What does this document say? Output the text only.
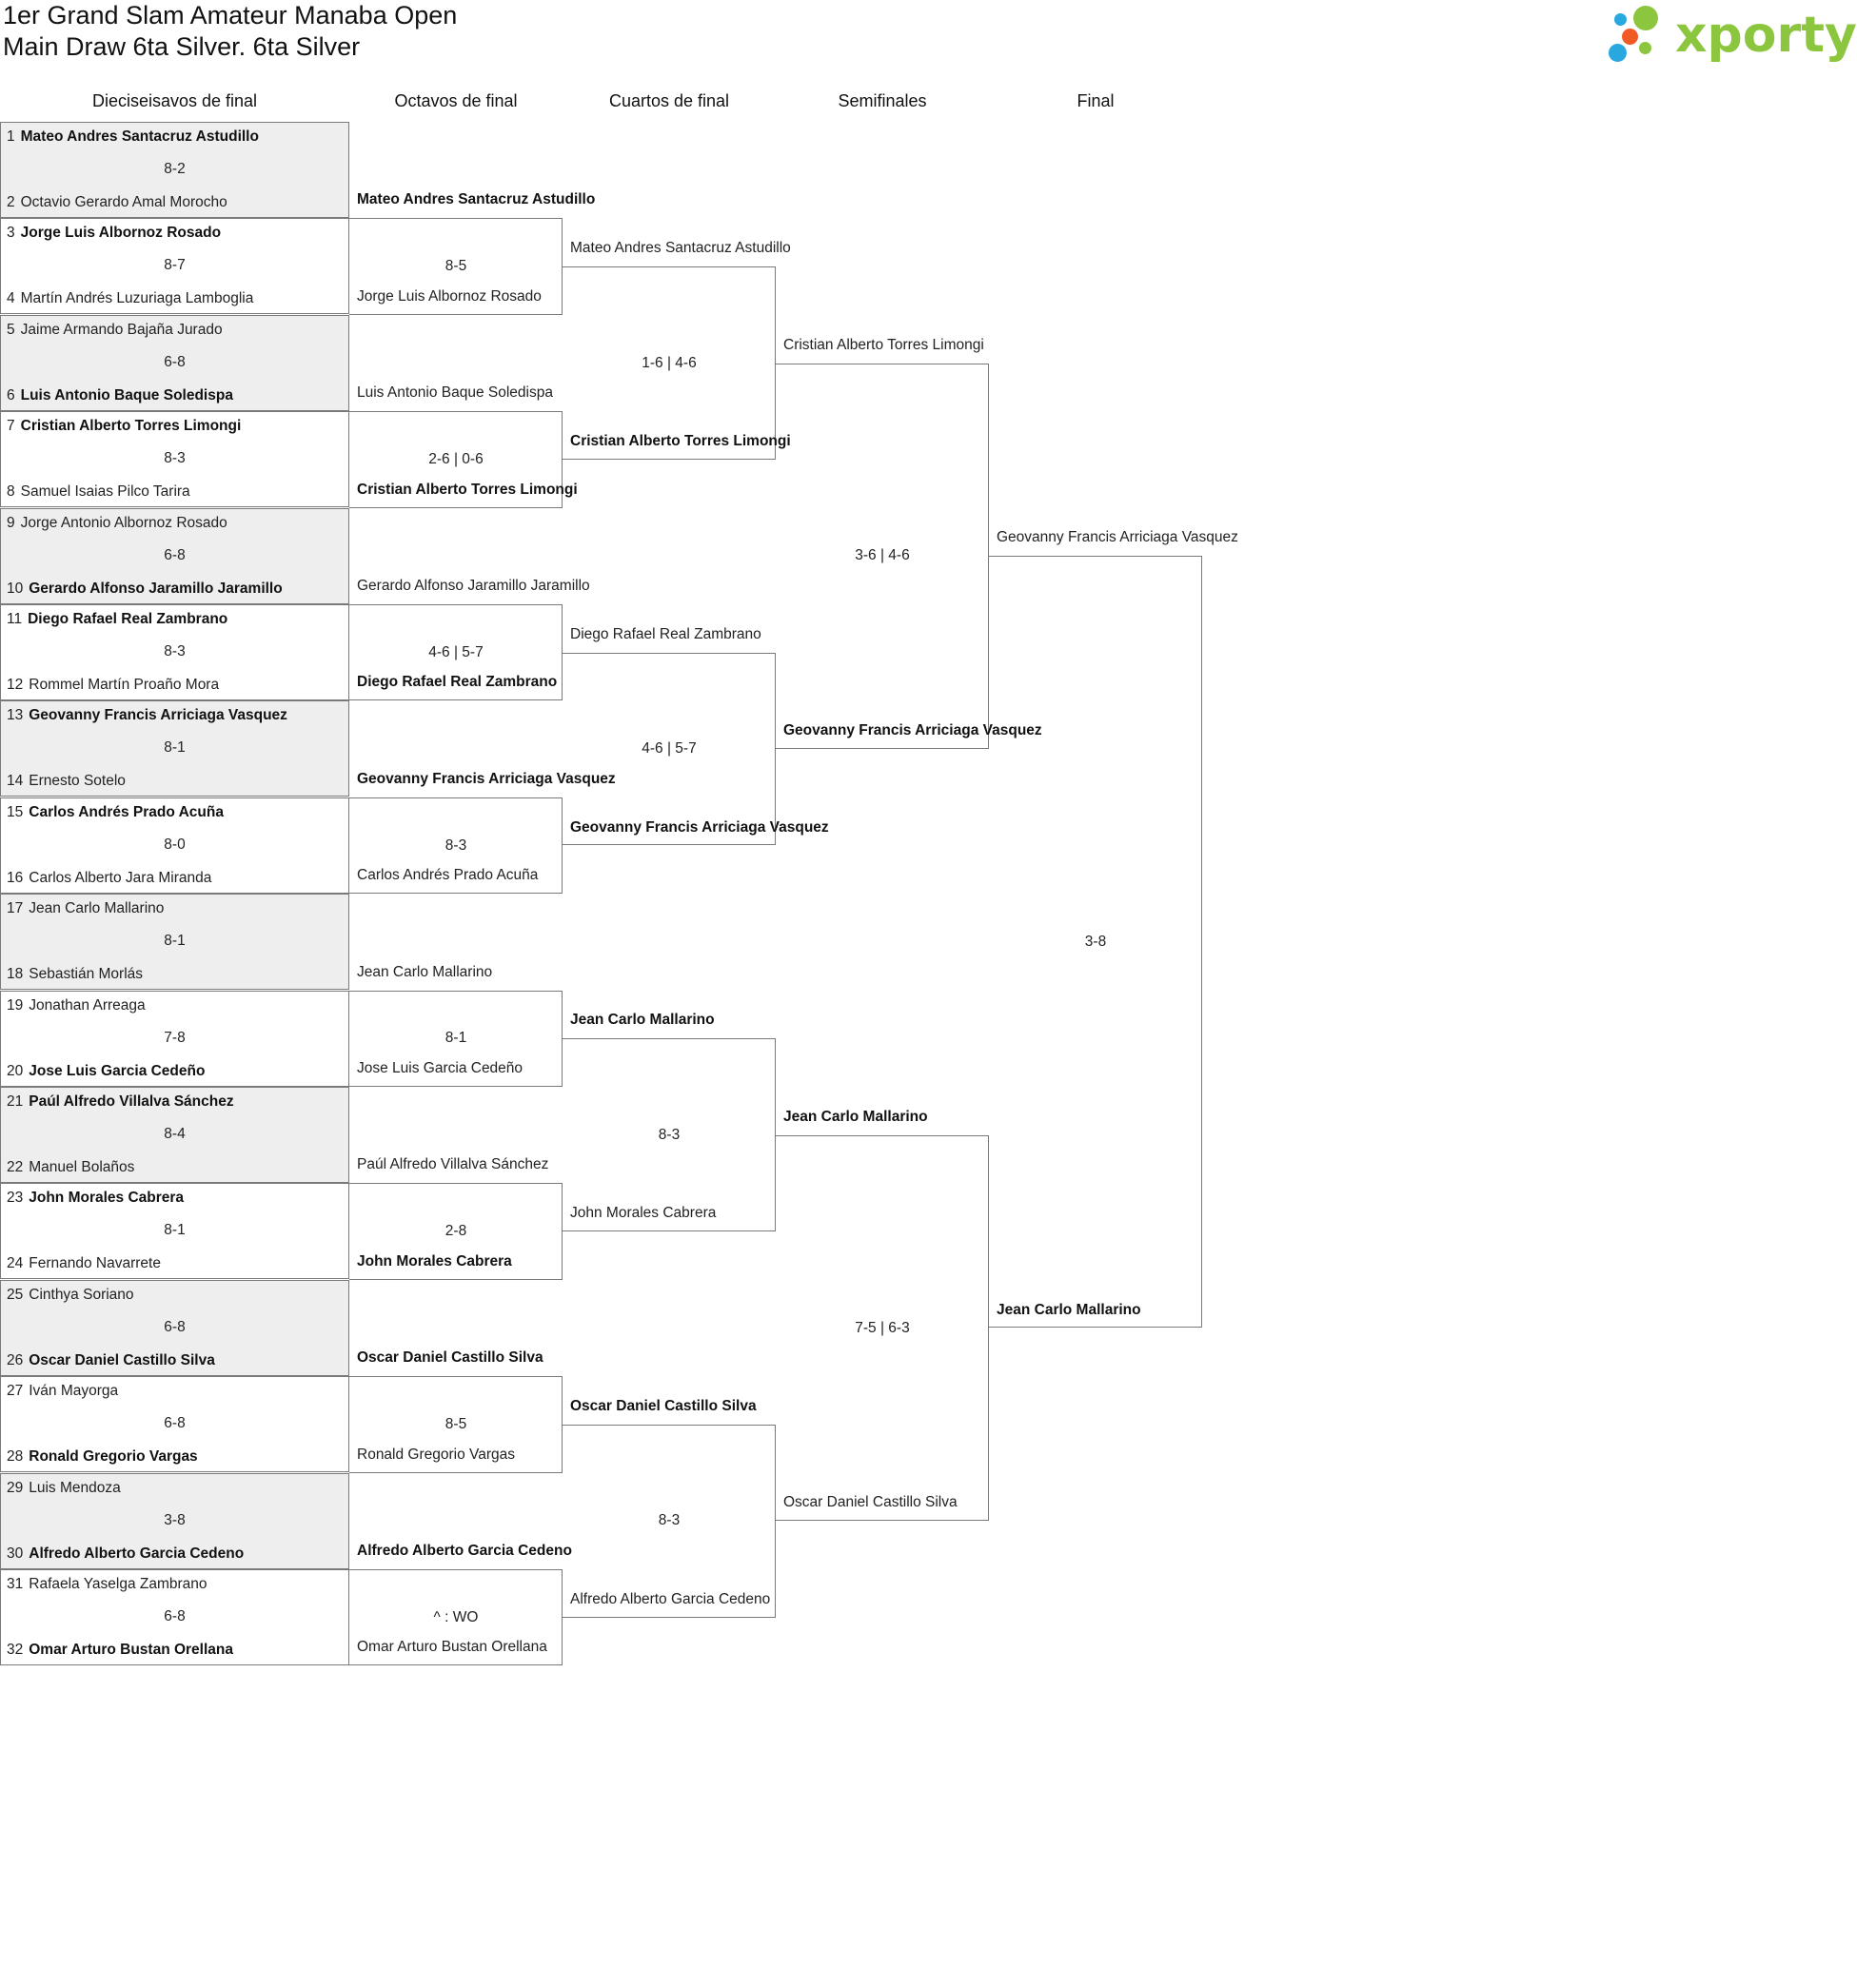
1er Grand Slam Amateur Manaba Open
Main Draw 6ta Silver. 6ta Silver	xporty
Dieciseisavos de final	Octavos de final	Cuartos de final	Semifinales	Final
1 Mateo Andres Santacruz Astudillo
2 Octavio Gerardo Amal Morocho
8-2
3 Jorge Luis Albornoz Rosado
4 Martín Andrés Luzuriaga Lamboglia
8-7
5 Jaime Armando Bajaña Jurado
6 Luis Antonio Baque Soledispa
6-8
7 Cristian Alberto Torres Limongi
8 Samuel Isaias Pilco Tarira
8-3
9 Jorge Antonio Albornoz Rosado
10 Gerardo Alfonso Jaramillo Jaramillo
6-8
11 Diego Rafael Real Zambrano
12 Rommel Martín Proaño Mora
8-3
13 Geovanny Francis Arriciaga Vasquez
14 Ernesto Sotelo
8-1
15 Carlos Andrés Prado Acuña
16 Carlos Alberto Jara Miranda
8-0
17 Jean Carlo Mallarino
18 Sebastián Morlás
8-1
19 Jonathan Arreaga
20 Jose Luis Garcia Cedeño
7-8
21 Paúl Alfredo Villalva Sánchez
22 Manuel Bolaños
8-4
23 John Morales Cabrera
24 Fernando Navarrete
8-1
25 Cinthya Soriano
26 Oscar Daniel Castillo Silva
6-8
27 Iván Mayorga
28 Ronald Gregorio Vargas
6-8
29 Luis Mendoza
30 Alfredo Alberto Garcia Cedeno
3-8
31 Rafaela Yaselga Zambrano
32 Omar Arturo Bustan Orellana
6-8
Mateo Andres Santacruz Astudillo
Jorge Luis Albornoz Rosado
8-5
Luis Antonio Baque Soledispa
Cristian Alberto Torres Limongi
2-6 | 0-6
Gerardo Alfonso Jaramillo Jaramillo
Diego Rafael Real Zambrano
4-6 | 5-7
Geovanny Francis Arriciaga Vasquez
Carlos Andrés Prado Acuña
8-3
Jean Carlo Mallarino
Jose Luis Garcia Cedeño
8-1
Paúl Alfredo Villalva Sánchez
John Morales Cabrera
2-8
Oscar Daniel Castillo Silva
Ronald Gregorio Vargas
8-5
Alfredo Alberto Garcia Cedeno
Omar Arturo Bustan Orellana
^ : WO
Mateo Andres Santacruz Astudillo
Cristian Alberto Torres Limongi
1-6 | 4-6
Diego Rafael Real Zambrano
Geovanny Francis Arriciaga Vasquez
4-6 | 5-7
Jean Carlo Mallarino
John Morales Cabrera
8-3
Oscar Daniel Castillo Silva
Alfredo Alberto Garcia Cedeno
8-3
Cristian Alberto Torres Limongi
Geovanny Francis Arriciaga Vasquez
3-6 | 4-6
Jean Carlo Mallarino
Oscar Daniel Castillo Silva
7-5 | 6-3
Geovanny Francis Arriciaga Vasquez
Jean Carlo Mallarino
3-8
